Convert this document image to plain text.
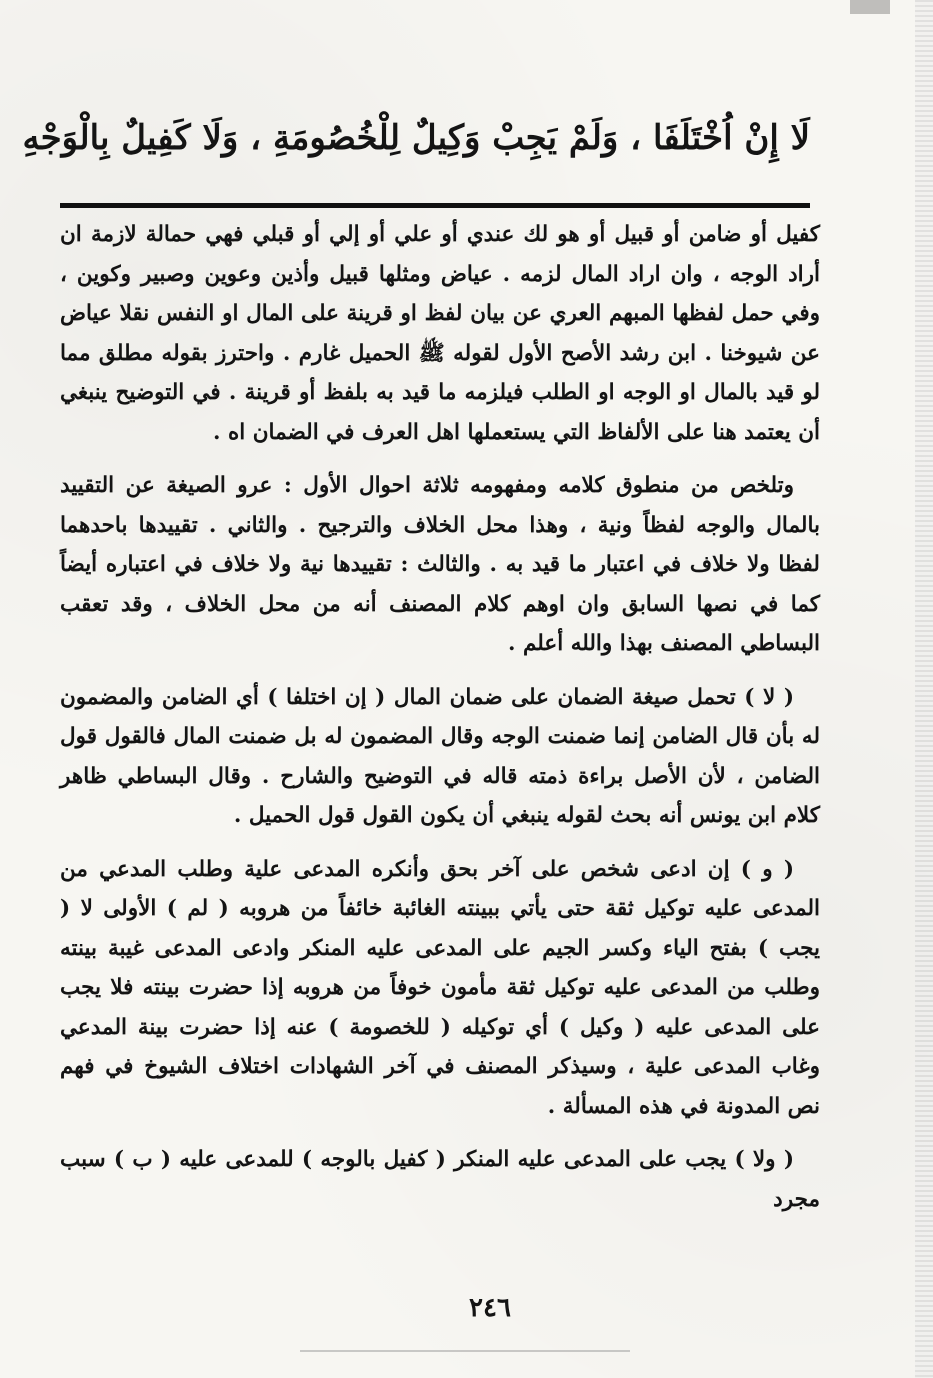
لَا إِنْ اُخْتَلَفَا ، وَلَمْ يَجِبْ وَكِيلٌ لِلْخُصُومَةِ ، وَلَا كَفِيلٌ بِالْوَجْهِ

كفيل أو ضامن أو قبيل أو هو لك عندي أو علي أو إلي أو قبلي فهي حمالة لازمة ان أراد الوجه ، وان اراد المال لزمه . عياض ومثلها قبيل وأذين وعوين وصبير وكوين ، وفي حمل لفظها المبهم العري عن بيان لفظ او قرينة على المال او النفس نقلا عياض عن شيوخنا . ابن رشد الأصح الأول لقوله ﷺ الحميل غارم . واحترز بقوله مطلق مما لو قيد بالمال او الوجه او الطلب فيلزمه ما قيد به بلفظ أو قرينة . في التوضيح ينبغي أن يعتمد هنا على الألفاظ التي يستعملها اهل العرف في الضمان اه .

وتلخص من منطوق كلامه ومفهومه ثلاثة احوال الأول : عرو الصيغة عن التقييد بالمال والوجه لفظاً ونية ، وهذا محل الخلاف والترجيح . والثاني . تقييدها باحدهما لفظا ولا خلاف في اعتبار ما قيد به . والثالث : تقييدها نية ولا خلاف في اعتباره أيضاً كما في نصها السابق وان اوهم كلام المصنف أنه من محل الخلاف ، وقد تعقب البساطي المصنف بهذا والله أعلم .

( لا ) تحمل صيغة الضمان على ضمان المال ( إن اختلفا ) أي الضامن والمضمون له بأن قال الضامن إنما ضمنت الوجه وقال المضمون له بل ضمنت المال فالقول قول الضامن ، لأن الأصل براءة ذمته قاله في التوضيح والشارح . وقال البساطي ظاهر كلام ابن يونس أنه بحث لقوله ينبغي أن يكون القول قول الحميل .

( و ) إن ادعى شخص على آخر بحق وأنكره المدعى علية وطلب المدعي من المدعى عليه توكيل ثقة حتى يأتي ببينته الغائبة خائفاً من هروبه ( لم ) الأولى لا ( يجب ) بفتح الياء وكسر الجيم على المدعى عليه المنكر وادعى المدعى غيبة بينته وطلب من المدعى عليه توكيل ثقة مأمون خوفاً من هروبه إذا حضرت بينته فلا يجب على المدعى عليه ( وكيل ) أي توكيله ( للخصومة ) عنه إذا حضرت بينة المدعي وغاب المدعى علية ، وسيذكر المصنف في آخر الشهادات اختلاف الشيوخ في فهم نص المدونة في هذه المسألة .

( ولا ) يجب على المدعى عليه المنكر ( كفيل بالوجه ) للمدعى عليه ( ب ) سبب مجرد

٢٤٦
